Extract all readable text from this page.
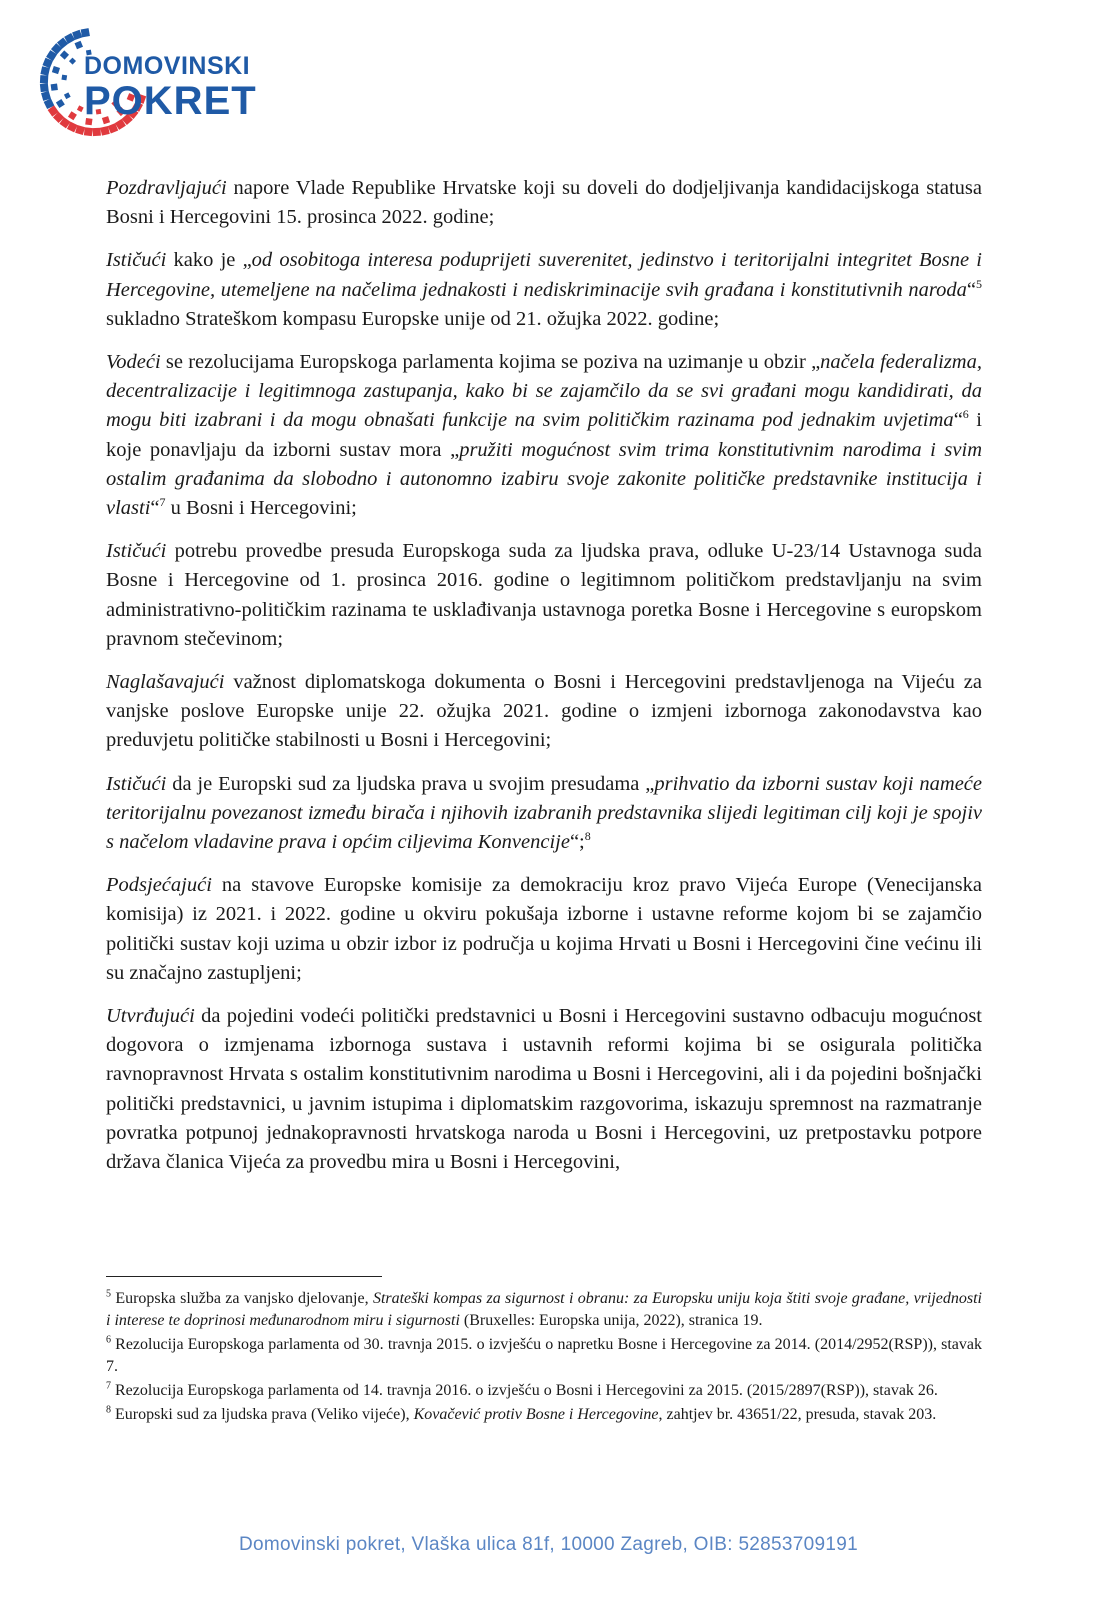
DOMOVINSKI
POKRET

Pozdravljajući napore Vlade Republike Hrvatske koji su doveli do dodjeljivanja kandidacijskoga statusa Bosni i Hercegovini 15. prosinca 2022. godine;

Ističući kako je „od osobitoga interesa poduprijeti suverenitet, jedinstvo i teritorijalni integritet Bosne i Hercegovine, utemeljene na načelima jednakosti i nediskriminacije svih građana i konstitutivnih naroda“$^5$ sukladno Strateškom kompasu Europske unije od 21. ožujka 2022. godine;

Vodeći se rezolucijama Europskoga parlamenta kojima se poziva na uzimanje u obzir „načela federalizma, decentralizacije i legitimnoga zastupanja, kako bi se zajamčilo da se svi građani mogu kandidirati, da mogu biti izabrani i da mogu obnašati funkcije na svim političkim razinama pod jednakim uvjetima“$^6$ i koje ponavljaju da izborni sustav mora „pružiti mogućnost svim trima konstitutivnim narodima i svim ostalim građanima da slobodno i autonomno izabiru svoje zakonite političke predstavnike institucija i vlasti“$^7$ u Bosni i Hercegovini;

Ističući potrebu provedbe presuda Europskoga suda za ljudska prava, odluke U-23/14 Ustavnoga suda Bosne i Hercegovine od 1. prosinca 2016. godine o legitimnom političkom predstavljanju na svim administrativno-političkim razinama te usklađivanja ustavnoga poretka Bosne i Hercegovine s europskom pravnom stečevinom;

Naglašavajući važnost diplomatskoga dokumenta o Bosni i Hercegovini predstavljenoga na Vijeću za vanjske poslove Europske unije 22. ožujka 2021. godine o izmjeni izbornoga zakonodavstva kao preduvjetu političke stabilnosti u Bosni i Hercegovini;

Ističući da je Europski sud za ljudska prava u svojim presudama „prihvatio da izborni sustav koji nameće teritorijalnu povezanost između birača i njihovih izabranih predstavnika slijedi legitiman cilj koji je spojiv s načelom vladavine prava i općim ciljevima Konvencije“;$^8$

Podsjećajući na stavove Europske komisije za demokraciju kroz pravo Vijeća Europe (Venecijanska komisija) iz 2021. i 2022. godine u okviru pokušaja izborne i ustavne reforme kojom bi se zajamčio politički sustav koji uzima u obzir izbor iz područja u kojima Hrvati u Bosni i Hercegovini čine većinu ili su značajno zastupljeni;

Utvrđujući da pojedini vodeći politički predstavnici u Bosni i Hercegovini sustavno odbacuju mogućnost dogovora o izmjenama izbornoga sustava i ustavnih reformi kojima bi se osigurala politička ravnopravnost Hrvata s ostalim konstitutivnim narodima u Bosni i Hercegovini, ali i da pojedini bošnjački politički predstavnici, u javnim istupima i diplomatskim razgovorima, iskazuju spremnost na razmatranje povratka potpunoj jednakopravnosti hrvatskoga naroda u Bosni i Hercegovini, uz pretpostavku potpore država članica Vijeća za provedbu mira u Bosni i Hercegovini,

$^5$ Europska služba za vanjsko djelovanje, Strateški kompas za sigurnost i obranu: za Europsku uniju koja štiti svoje građane, vrijednosti i interese te doprinosi međunarodnom miru i sigurnosti (Bruxelles: Europska unija, 2022), stranica 19.

$^6$ Rezolucija Europskoga parlamenta od 30. travnja 2015. o izvješću o napretku Bosne i Hercegovine za 2014. (2014/2952(RSP)), stavak 7.

$^7$ Rezolucija Europskoga parlamenta od 14. travnja 2016. o izvješću o Bosni i Hercegovini za 2015. (2015/2897(RSP)), stavak 26.

$^8$ Europski sud za ljudska prava (Veliko vijeće), Kovačević protiv Bosne i Hercegovine, zahtjev br. 43651/22, presuda, stavak 203.

Domovinski pokret, Vlaška ulica 81f, 10000 Zagreb, OIB: 52853709191
